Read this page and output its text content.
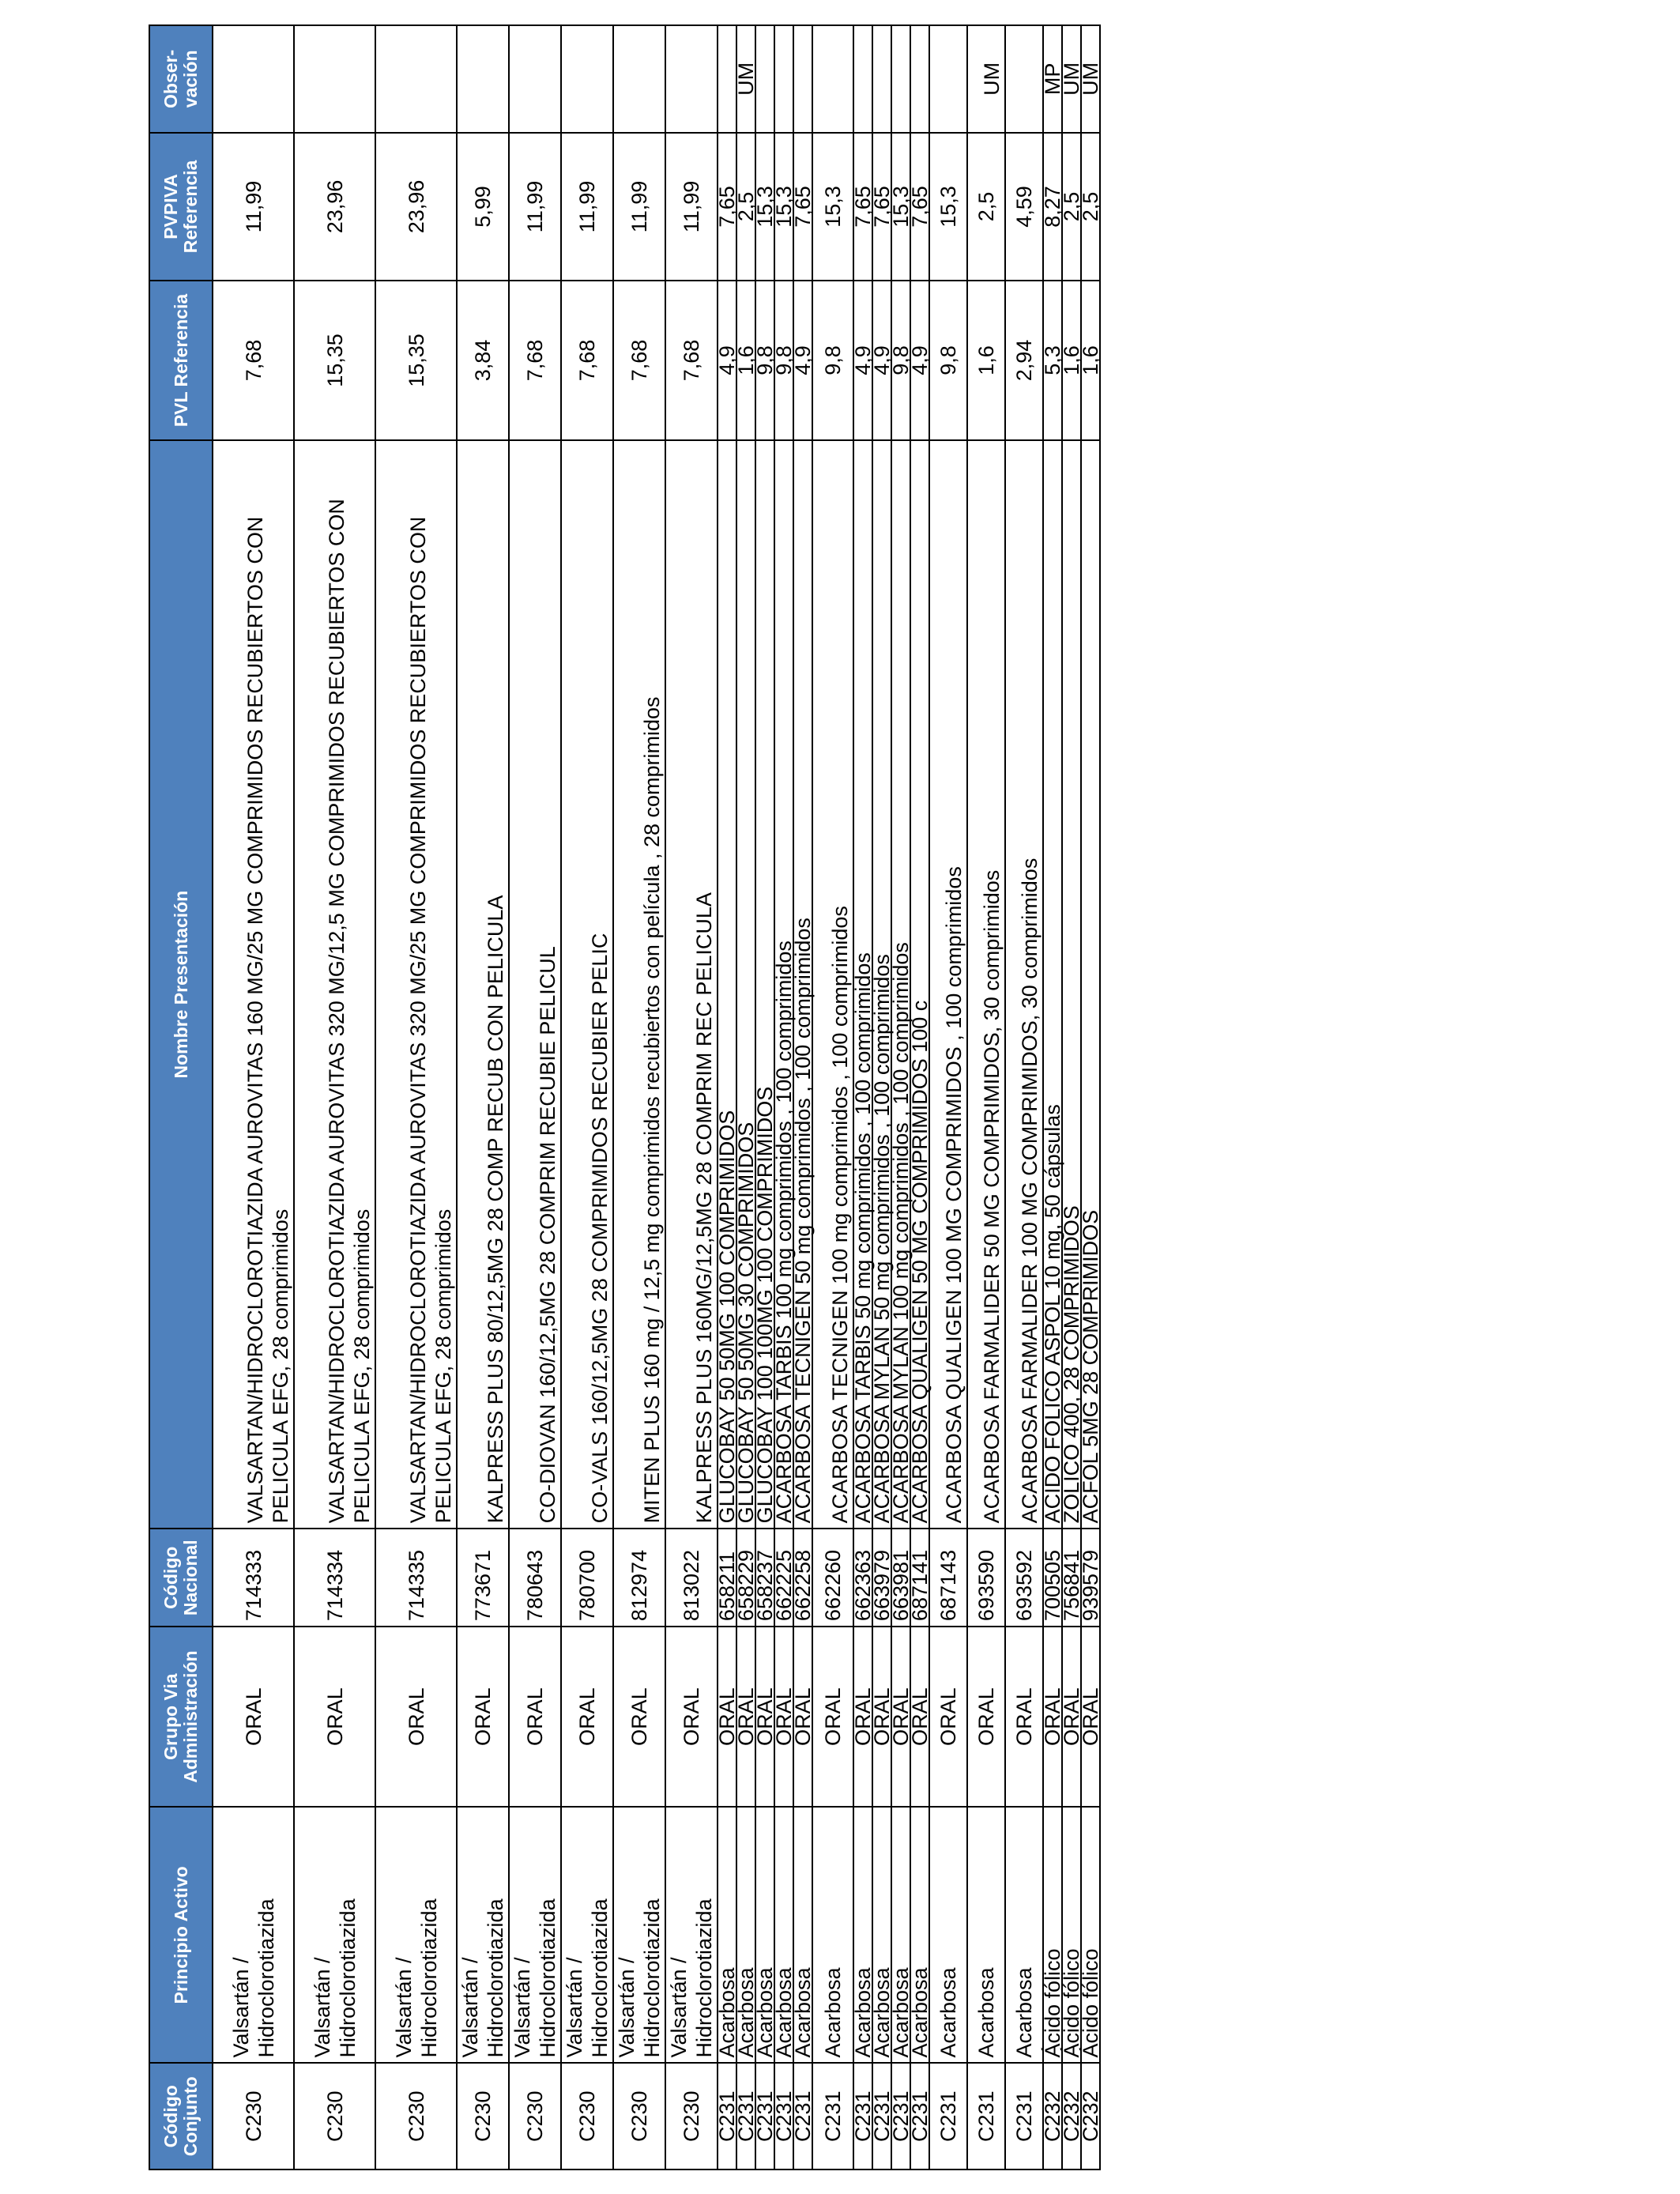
Código Conjunto	Principio Activo	Grupo Via Administración	Código Nacional	Nombre Presentación	PVL Referencia	PVPIVA Referencia	Obser-vación
C230	Valsartán / Hidroclorotiazida	ORAL	714333	VALSARTAN/HIDROCLOROTIAZIDA AUROVITAS 160 MG/25 MG COMPRIMIDOS RECUBIERTOS CON PELICULA EFG, 28 comprimidos	7,68	11,99	
C230	Valsartán / Hidroclorotiazida	ORAL	714334	VALSARTAN/HIDROCLOROTIAZIDA AUROVITAS 320 MG/12,5 MG COMPRIMIDOS RECUBIERTOS CON PELICULA EFG, 28 comprimidos	15,35	23,96	
C230	Valsartán / Hidroclorotiazida	ORAL	714335	VALSARTAN/HIDROCLOROTIAZIDA AUROVITAS 320 MG/25 MG COMPRIMIDOS RECUBIERTOS CON PELICULA EFG, 28 comprimidos	15,35	23,96	
C230	Valsartán / Hidroclorotiazida	ORAL	773671	KALPRESS PLUS 80/12,5MG 28 COMP RECUB CON PELICULA	3,84	5,99	
C230	Valsartán / Hidroclorotiazida	ORAL	780643	CO-DIOVAN 160/12,5MG 28 COMPRIM RECUBIE PELICUL	7,68	11,99	
C230	Valsartán / Hidroclorotiazida	ORAL	780700	CO-VALS 160/12,5MG 28 COMPRIMIDOS RECUBIER PELIC	7,68	11,99	
C230	Valsartán / Hidroclorotiazida	ORAL	812974	MITEN PLUS 160 mg / 12,5 mg comprimidos recubiertos con película , 28 comprimidos	7,68	11,99	
C230	Valsartán / Hidroclorotiazida	ORAL	813022	KALPRESS PLUS 160MG/12,5MG 28 COMPRIM REC PELICULA	7,68	11,99	
C231	Acarbosa	ORAL	658211	GLUCOBAY 50 50MG 100 COMPRIMIDOS	4,9	7,65	
C231	Acarbosa	ORAL	658229	GLUCOBAY 50 50MG 30 COMPRIMIDOS	1,6	2,5	UM
C231	Acarbosa	ORAL	658237	GLUCOBAY 100 100MG 100 COMPRIMIDOS	9,8	15,3	
C231	Acarbosa	ORAL	662225	ACARBOSA TARBIS 100 mg comprimidos , 100 comprimidos	9,8	15,3	
C231	Acarbosa	ORAL	662258	ACARBOSA TECNIGEN 50 mg comprimidos , 100 comprimidos	4,9	7,65	
C231	Acarbosa	ORAL	662260	ACARBOSA TECNIGEN 100 mg comprimidos , 100 comprimidos	9,8	15,3	
C231	Acarbosa	ORAL	662363	ACARBOSA TARBIS 50 mg comprimidos , 100 comprimidos	4,9	7,65	
C231	Acarbosa	ORAL	663979	ACARBOSA MYLAN 50 mg comprimidos , 100 comprimidos	4,9	7,65	
C231	Acarbosa	ORAL	663981	ACARBOSA MYLAN 100 mg comprimidos , 100 comprimidos	9,8	15,3	
C231	Acarbosa	ORAL	687141	ACARBOSA QUALIGEN 50 MG COMPRIMIDOS 100 c	4,9	7,65	
C231	Acarbosa	ORAL	687143	ACARBOSA QUALIGEN 100 MG COMPRIMIDOS , 100 comprimidos	9,8	15,3	
C231	Acarbosa	ORAL	693590	ACARBOSA FARMALIDER 50 MG COMPRIMIDOS, 30 comprimidos	1,6	2,5	UM
C231	Acarbosa	ORAL	693592	ACARBOSA FARMALIDER 100 MG COMPRIMIDOS, 30 comprimidos	2,94	4,59	
C232	Ácido fólico	ORAL	700505	ACIDO FOLICO ASPOL 10 mg, 50 cápsulas	5,3	8,27	MP
C232	Ácido fólico	ORAL	756841	ZOLICO 400, 28 COMPRIMIDOS	1,6	2,5	UM
C232	Ácido fólico	ORAL	939579	ACFOL 5MG 28 COMPRIMIDOS	1,6	2,5	UM
